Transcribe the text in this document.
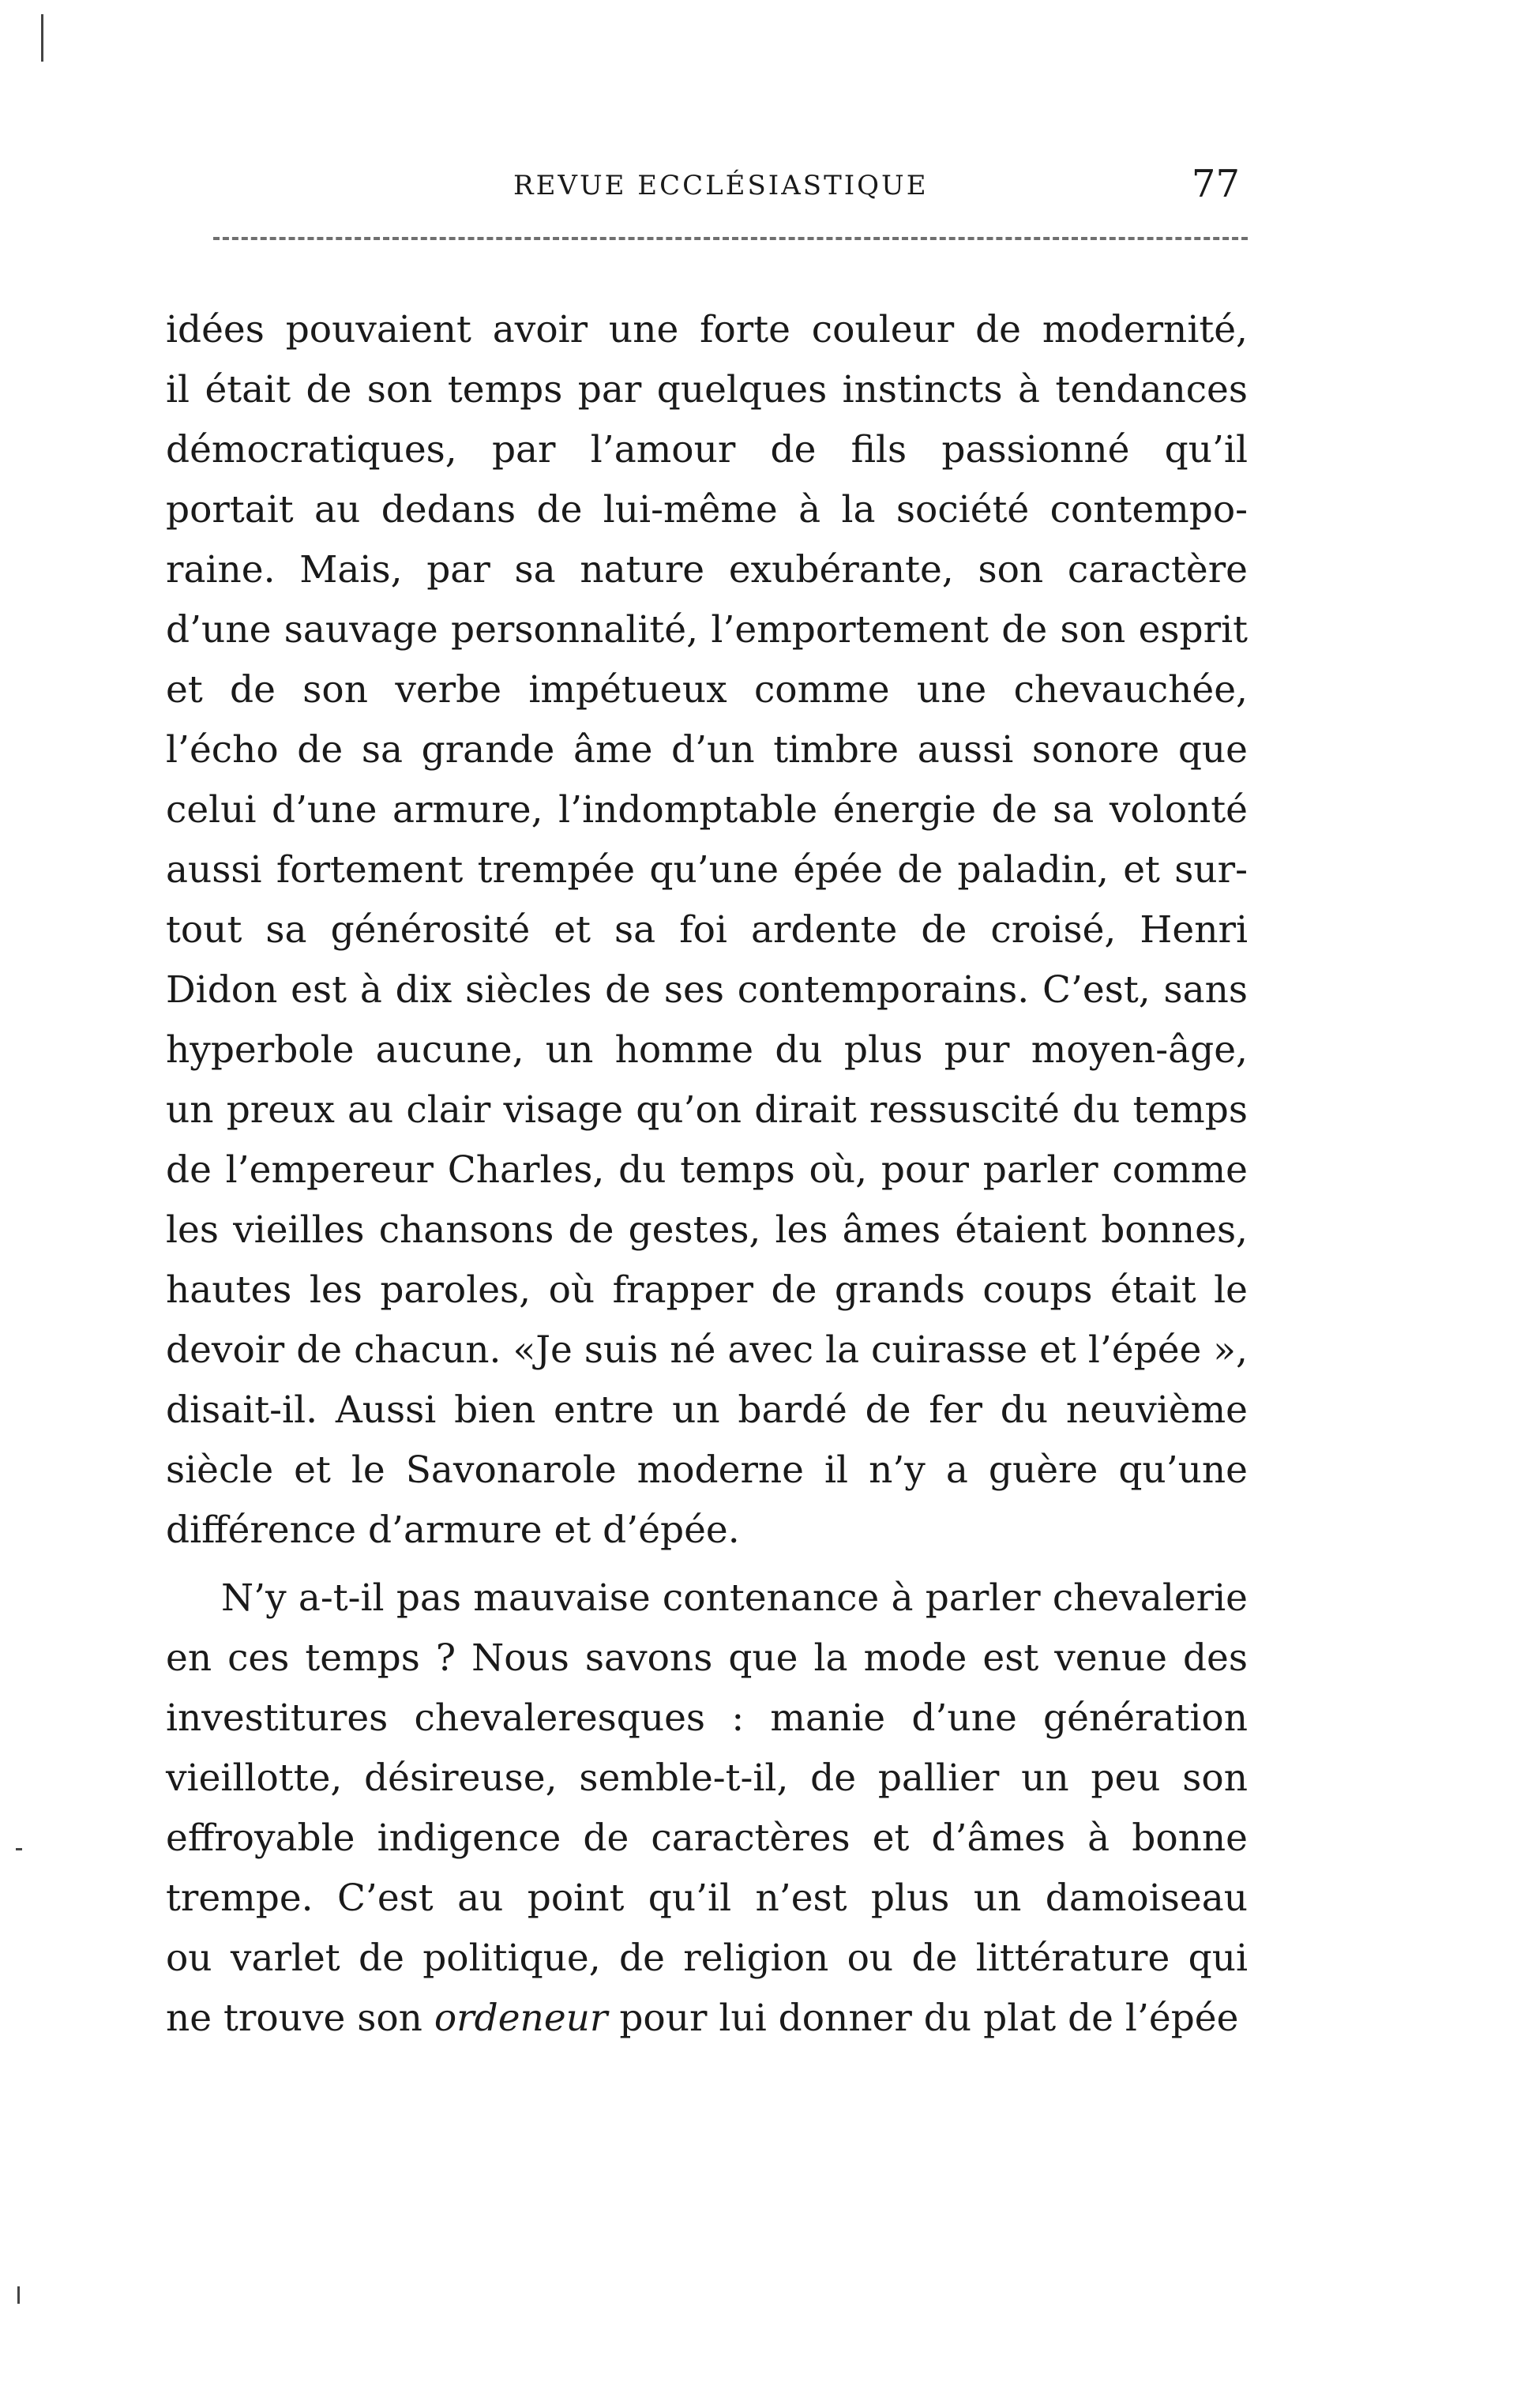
REVUE ECCLÉSIASTIQUE	77
idées pouvaient avoir une forte couleur de modernité,
il était de son temps par quelques instincts à tendances
démocratiques, par l’amour de fils passionné qu’il
portait au dedans de lui-même à la société contempo-
raine. Mais, par sa nature exubérante, son caractère
d’une sauvage personnalité, l’emportement de son esprit
et de son verbe impétueux comme une chevauchée,
l’écho de sa grande âme d’un timbre aussi sonore que
celui d’une armure, l’indomptable énergie de sa volonté
aussi fortement trempée qu’une épée de paladin, et sur-
tout sa générosité et sa foi ardente de croisé, Henri
Didon est à dix siècles de ses contemporains. C’est, sans
hyperbole aucune, un homme du plus pur moyen-âge,
un preux au clair visage qu’on dirait ressuscité du temps
de l’empereur Charles, du temps où, pour parler comme
les vieilles chansons de gestes, les âmes étaient bonnes,
hautes les paroles, où frapper de grands coups était le
devoir de chacun. «Je suis né avec la cuirasse et l’épée »,
disait-il. Aussi bien entre un bardé de fer du neuvième
siècle et le Savonarole moderne il n’y a guère qu’une
différence d’armure et d’épée.
N’y a-t-il pas mauvaise contenance à parler chevalerie
en ces temps ? Nous savons que la mode est venue des
investitures chevaleresques : manie d’une génération
vieillotte, désireuse, semble-t-il, de pallier un peu son
effroyable indigence de caractères et d’âmes à bonne
trempe. C’est au point qu’il n’est plus un damoiseau
ou varlet de politique, de religion ou de littérature qui
ne trouve son ordeneur pour lui donner du plat de l’épée
